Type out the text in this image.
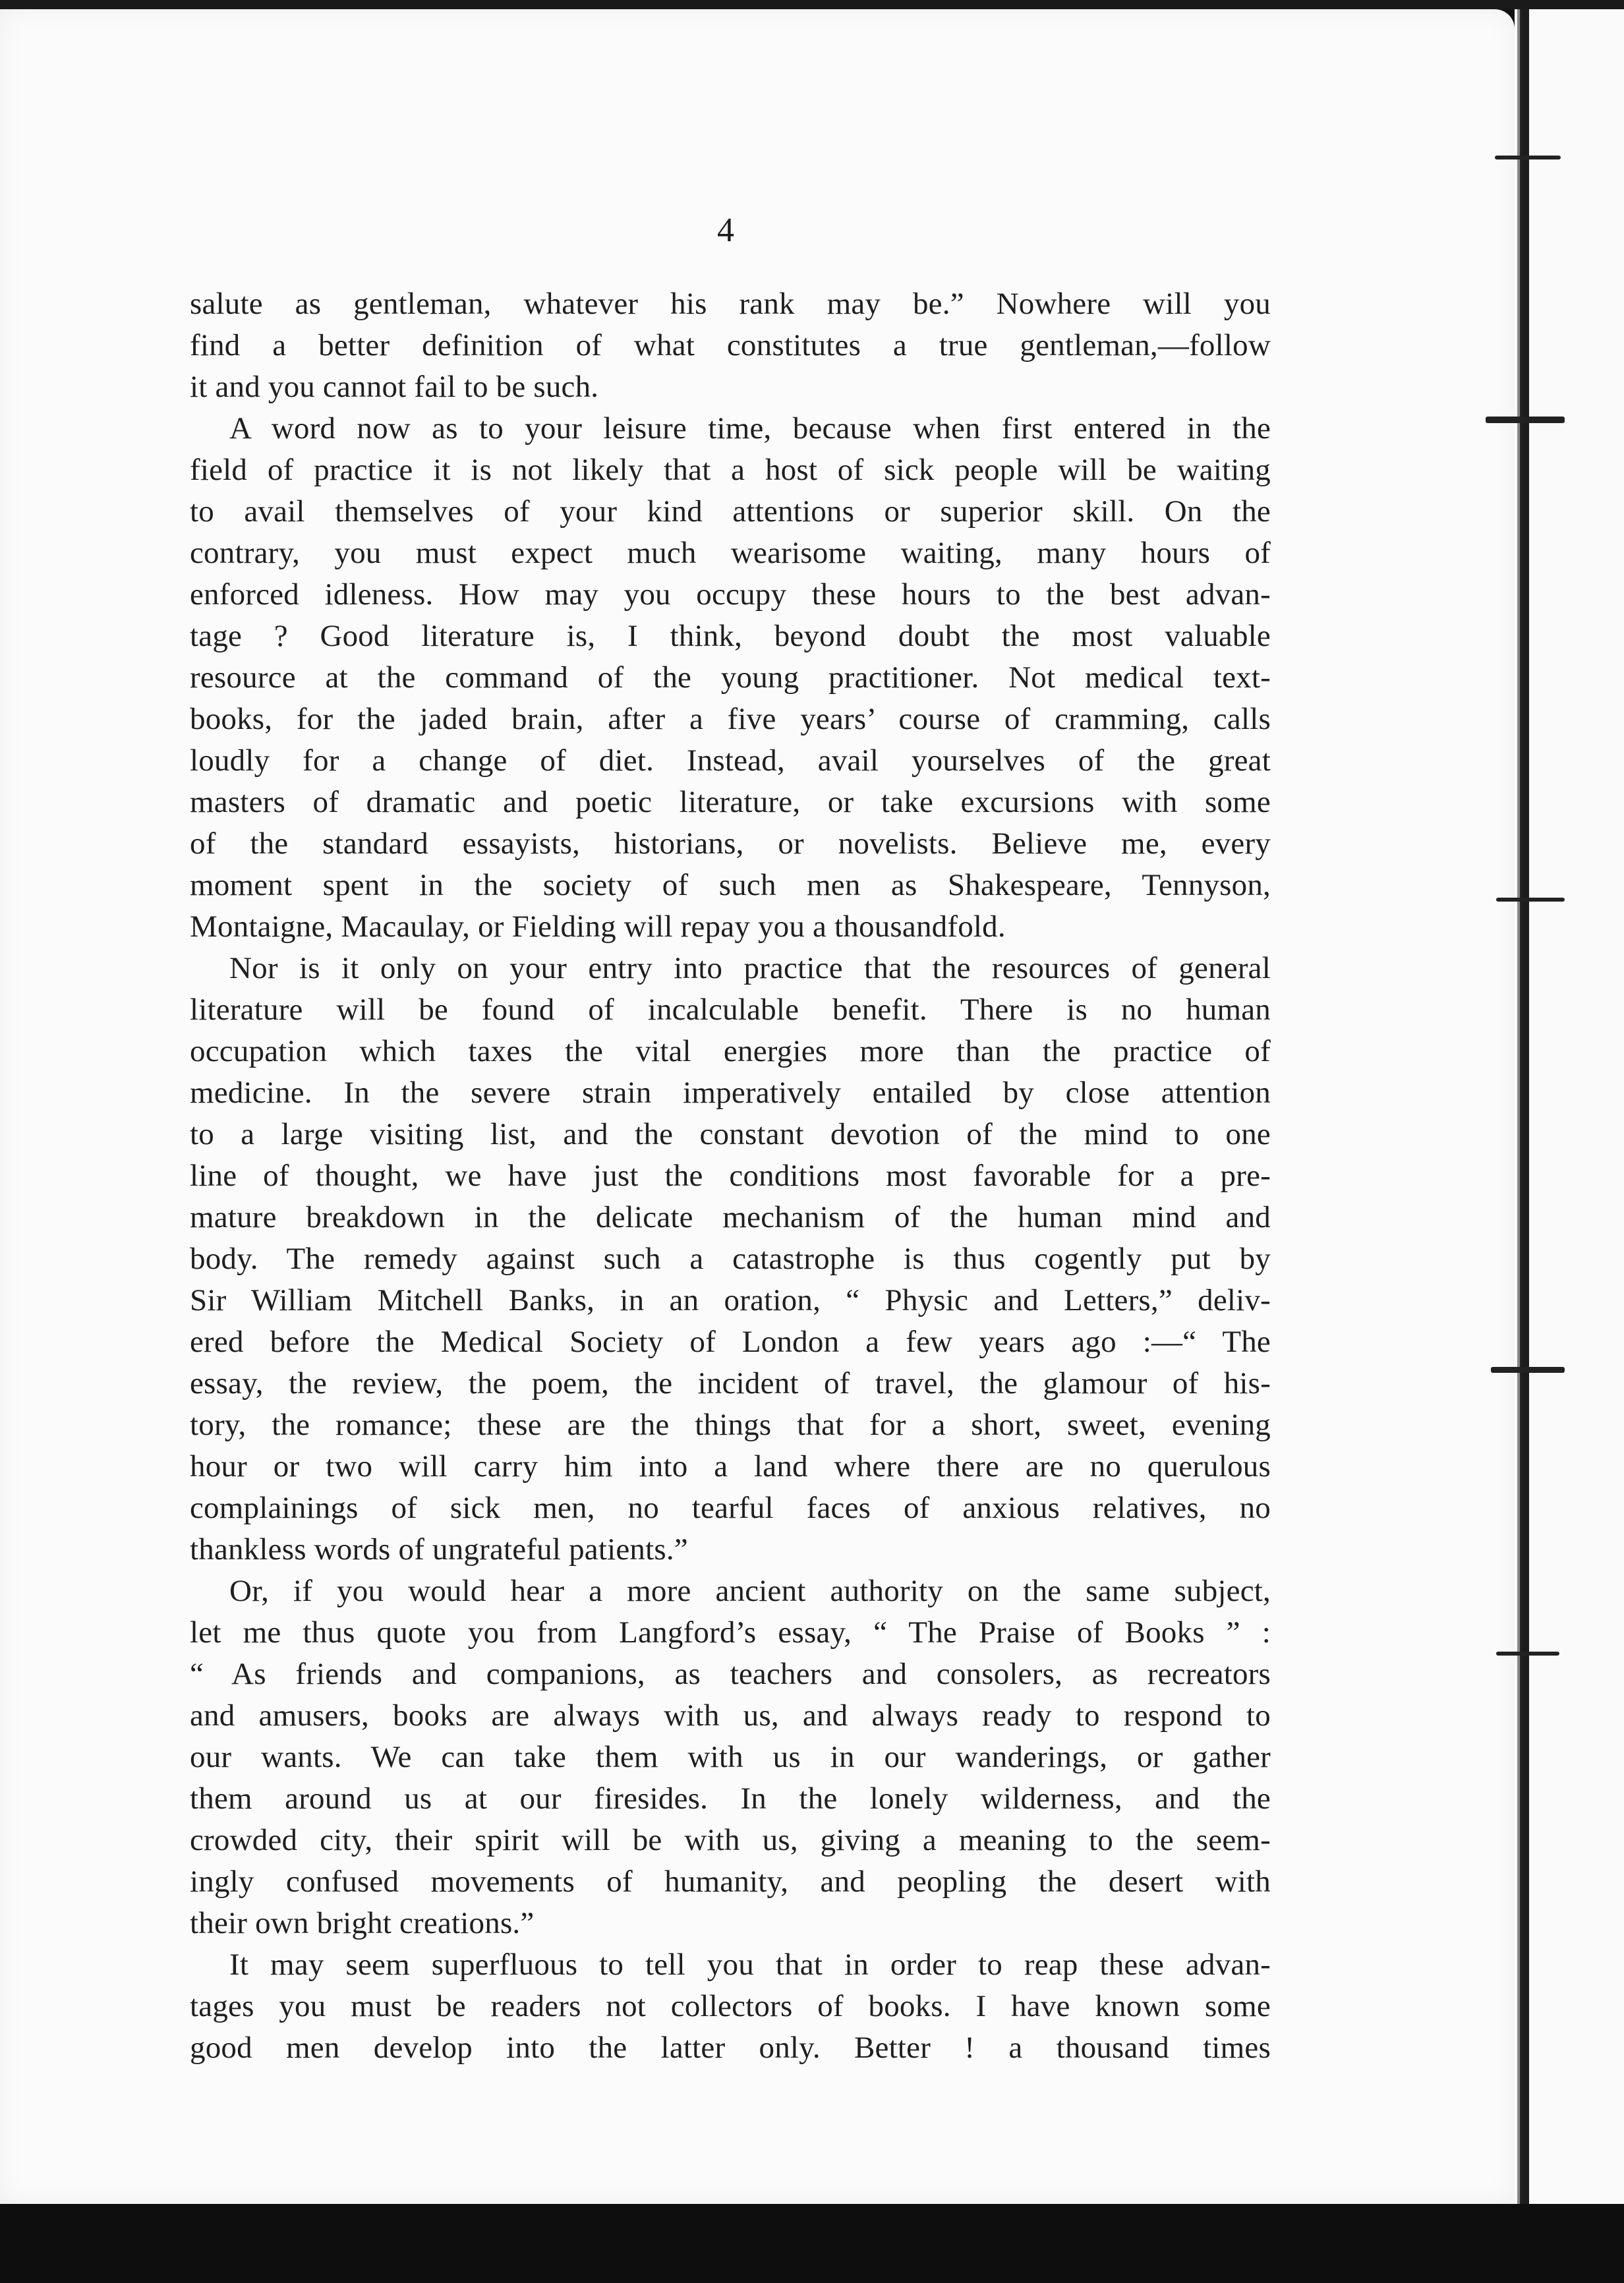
4

salute as gentleman, whatever his rank may be.” Nowhere will you
find a better definition of what constitutes a true gentleman,—follow
it and you cannot fail to be such.
A word now as to your leisure time, because when first entered in the
field of practice it is not likely that a host of sick people will be waiting
to avail themselves of your kind attentions or superior skill. On the
contrary, you must expect much wearisome waiting, many hours of
enforced idleness. How may you occupy these hours to the best advan-
tage ? Good literature is, I think, beyond doubt the most valuable
resource at the command of the young practitioner. Not medical text-
books, for the jaded brain, after a five years’ course of cramming, calls
loudly for a change of diet. Instead, avail yourselves of the great
masters of dramatic and poetic literature, or take excursions with some
of the standard essayists, historians, or novelists. Believe me, every
moment spent in the society of such men as Shakespeare, Tennyson,
Montaigne, Macaulay, or Fielding will repay you a thousandfold.
Nor is it only on your entry into practice that the resources of general
literature will be found of incalculable benefit. There is no human
occupation which taxes the vital energies more than the practice of
medicine. In the severe strain imperatively entailed by close attention
to a large visiting list, and the constant devotion of the mind to one
line of thought, we have just the conditions most favorable for a pre-
mature breakdown in the delicate mechanism of the human mind and
body. The remedy against such a catastrophe is thus cogently put by
Sir William Mitchell Banks, in an oration, “ Physic and Letters,” deliv-
ered before the Medical Society of London a few years ago :—“ The
essay, the review, the poem, the incident of travel, the glamour of his-
tory, the romance; these are the things that for a short, sweet, evening
hour or two will carry him into a land where there are no querulous
complainings of sick men, no tearful faces of anxious relatives, no
thankless words of ungrateful patients.”
Or, if you would hear a more ancient authority on the same subject,
let me thus quote you from Langford’s essay, “ The Praise of Books ” :
“ As friends and companions, as teachers and consolers, as recreators
and amusers, books are always with us, and always ready to respond to
our wants. We can take them with us in our wanderings, or gather
them around us at our firesides. In the lonely wilderness, and the
crowded city, their spirit will be with us, giving a meaning to the seem-
ingly confused movements of humanity, and peopling the desert with
their own bright creations.”
It may seem superfluous to tell you that in order to reap these advan-
tages you must be readers not collectors of books. I have known some
good men develop into the latter only. Better ! a thousand times
